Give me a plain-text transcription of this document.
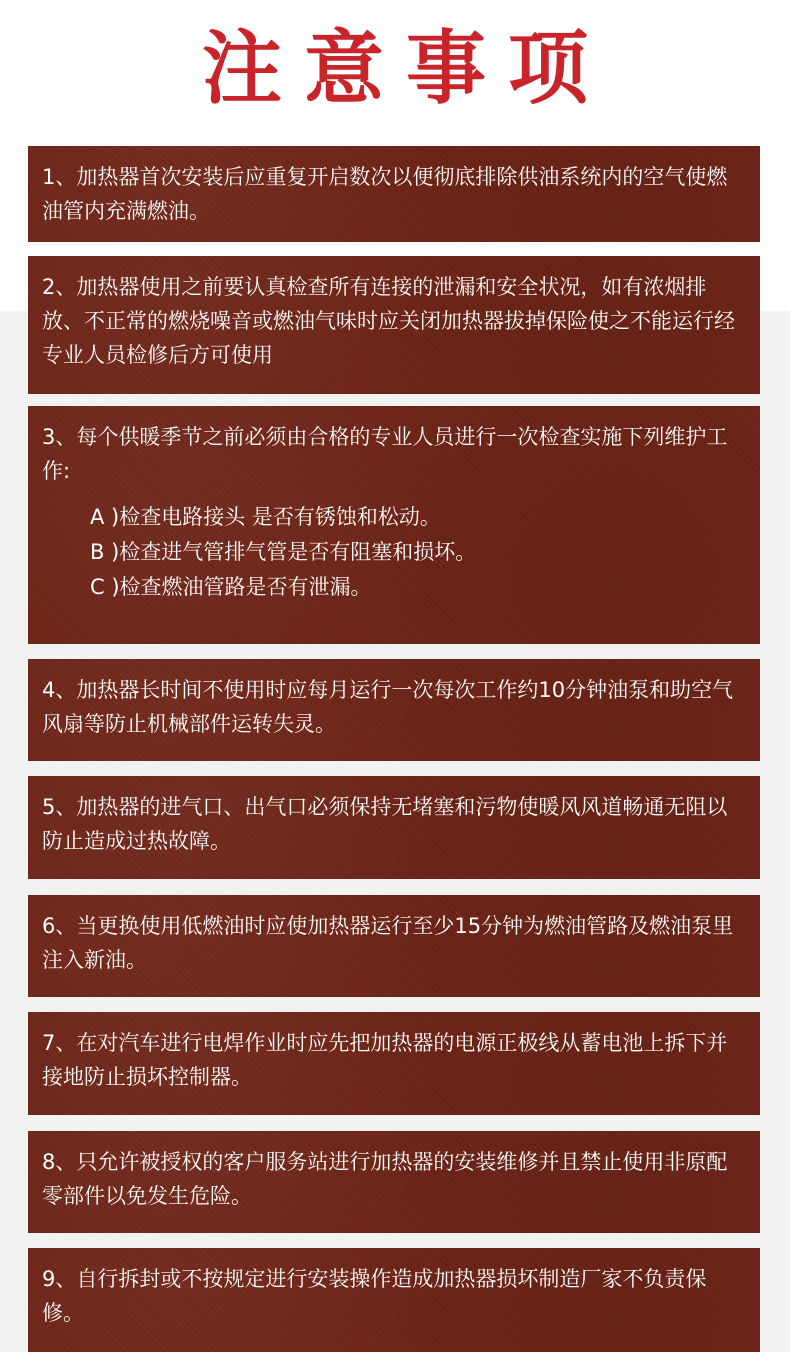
注意事项

1、加热器首次安装后应重复开启数次以便彻底排除供油系统内的空气使燃油管内充满燃油。

2、加热器使用之前要认真检查所有连接的泄漏和安全状况，如有浓烟排放、不正常的燃烧噪音或燃油气味时应关闭加热器拔掉保险使之不能运行经专业人员检修后方可使用

3、每个供暖季节之前必须由合格的专业人员进行一次检查实施下列维护工作:

A )检查电路接头 是否有锈蚀和松动。

B )检查进气管排气管是否有阻塞和损坏。

C )检查燃油管路是否有泄漏。

4、加热器长时间不使用时应每月运行一次每次工作约10分钟油泵和助空气风扇等防止机械部件运转失灵。

5、加热器的进气口、出气口必须保持无堵塞和污物使暖风风道畅通无阻以防止造成过热故障。

6、当更换使用低燃油时应使加热器运行至少15分钟为燃油管路及燃油泵里注入新油。

7、在对汽车进行电焊作业时应先把加热器的电源正极线从蓄电池上拆下并接地防止损坏控制器。

8、只允许被授权的客户服务站进行加热器的安装维修并且禁止使用非原配零部件以免发生危险。

9、自行拆封或不按规定进行安装操作造成加热器损坏制造厂家不负责保修。
